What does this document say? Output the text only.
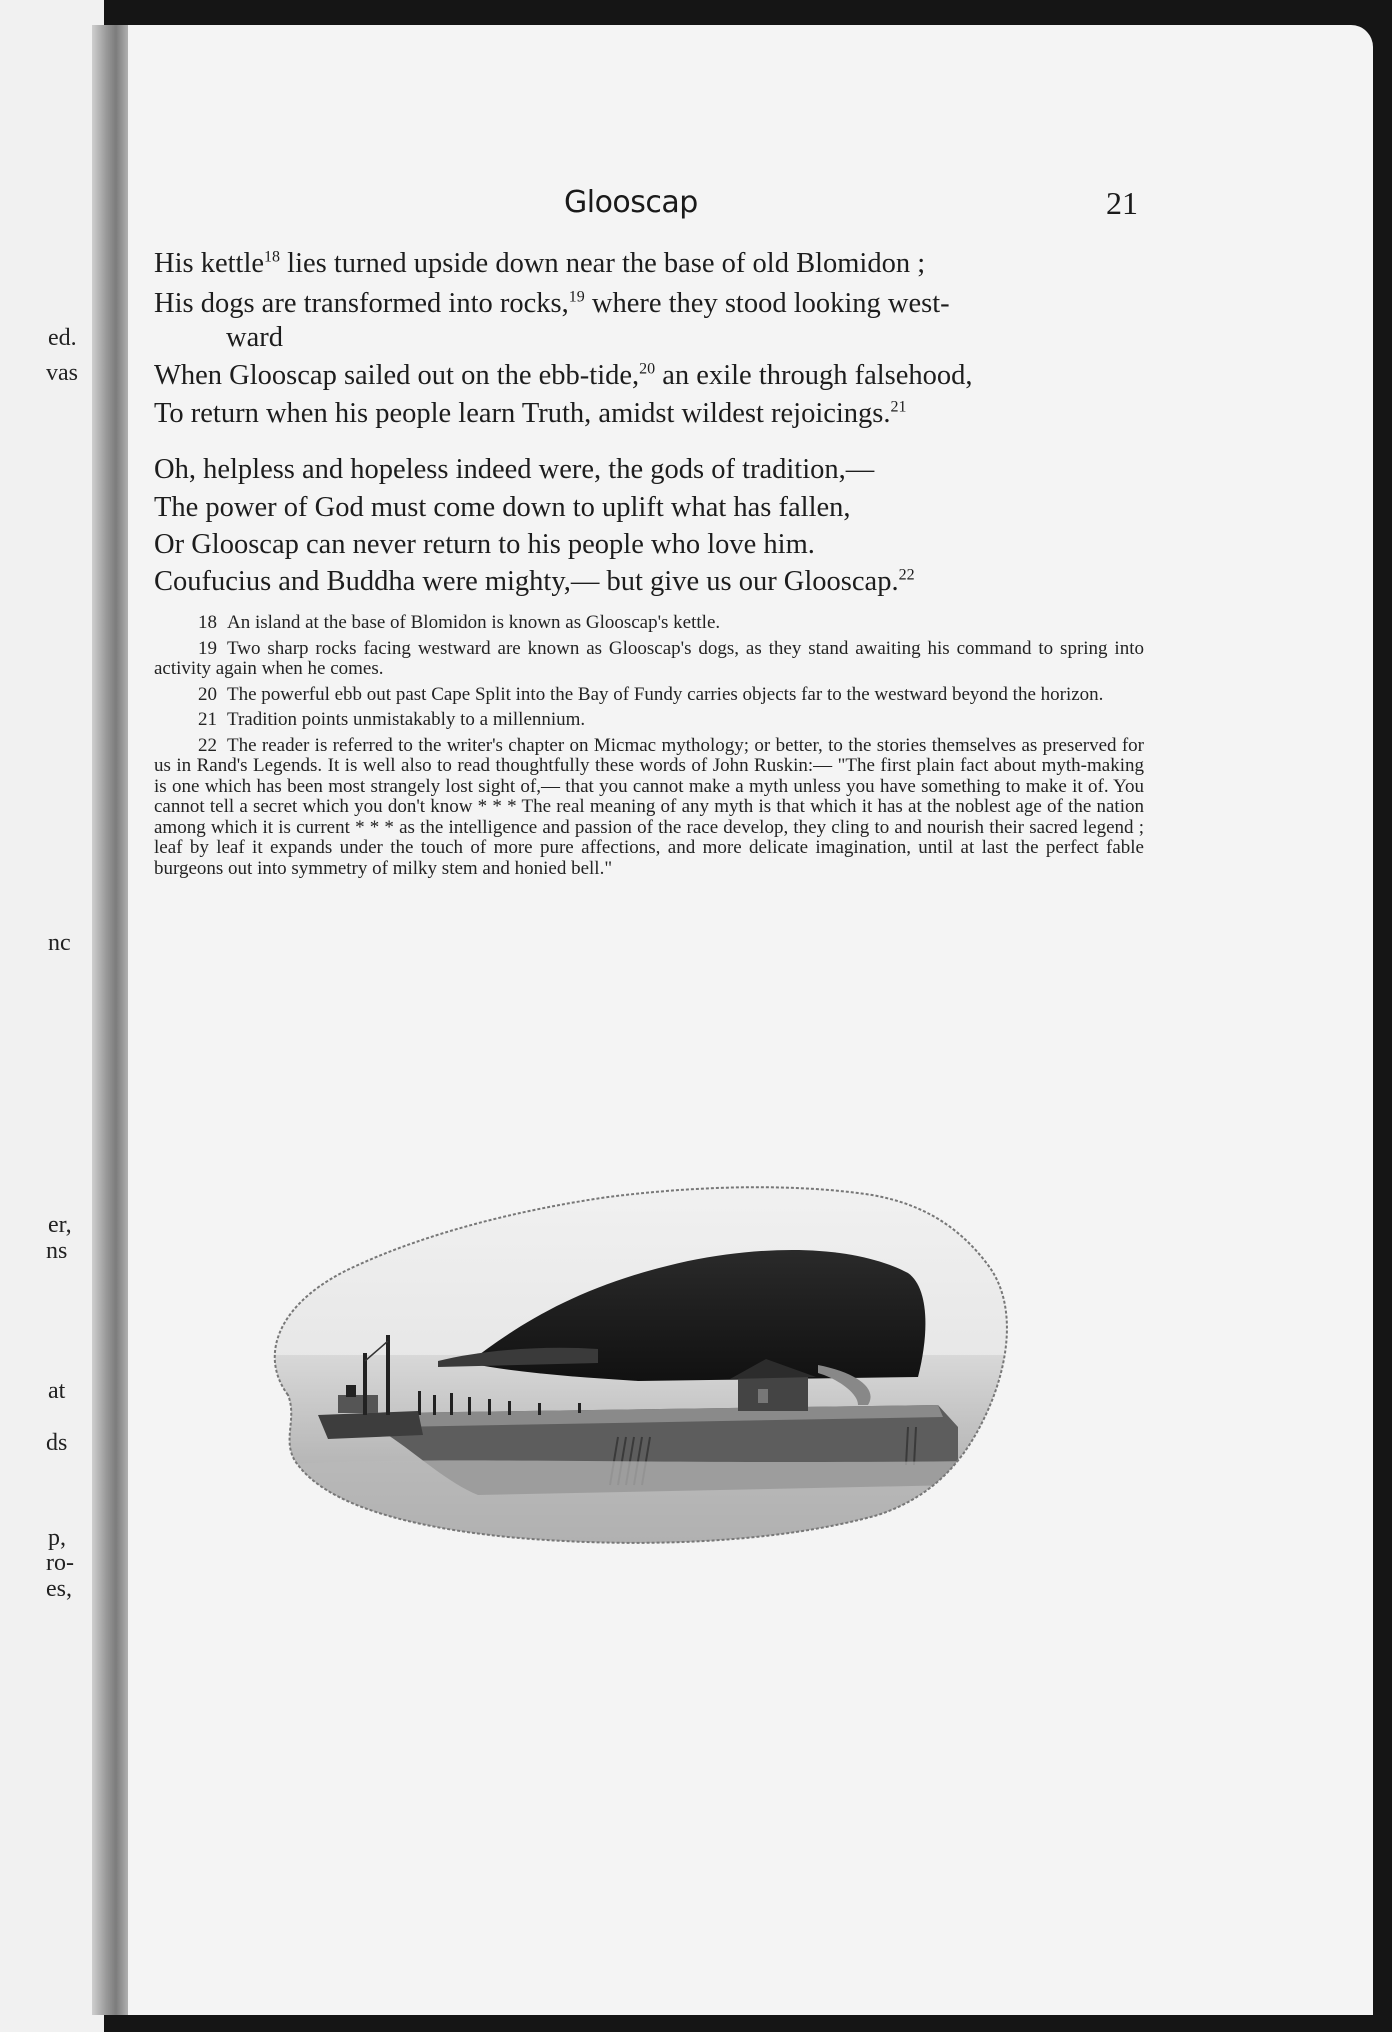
ed.
vas
nc
er,
ns
at
ds
p,
ro-
es,
Glooscap	21
His kettle$^{18}$ lies turned upside down near the base of old Blomidon ;
His dogs are transformed into rocks,$^{19}$ where they stood looking west-
ward
When Glooscap sailed out on the ebb-tide,$^{20}$ an exile through falsehood,
To return when his people learn Truth, amidst wildest rejoicings.$^{21}$
Oh, helpless and hopeless indeed were, the gods of tradition,—
The power of God must come down to uplift what has fallen,
Or Glooscap can never return to his people who love him.
Coufucius and Buddha were mighty,— but give us our Glooscap.$^{22}$

18 An island at the base of Blomidon is known as Glooscap's kettle.

19 Two sharp rocks facing westward are known as Glooscap's dogs, as they stand awaiting his command to spring into activity again when he comes.

20 The powerful ebb out past Cape Split into the Bay of Fundy carries objects far to the westward beyond the horizon.

21 Tradition points unmistakably to a millennium.

22 The reader is referred to the writer's chapter on Micmac mythology; or better, to the stories themselves as preserved for us in Rand's Legends. It is well also to read thoughtfully these words of John Ruskin:— "The first plain fact about myth-making is one which has been most strangely lost sight of,— that you cannot make a myth unless you have something to make it of. You cannot tell a secret which you don't know * * * The real meaning of any myth is that which it has at the noblest age of the nation among which it is current * * * as the intelligence and passion of the race develop, they cling to and nourish their sacred legend ; leaf by leaf it expands under the touch of more pure affections, and more delicate imagination, until at last the perfect fable burgeons out into symmetry of milky stem and honied bell."
